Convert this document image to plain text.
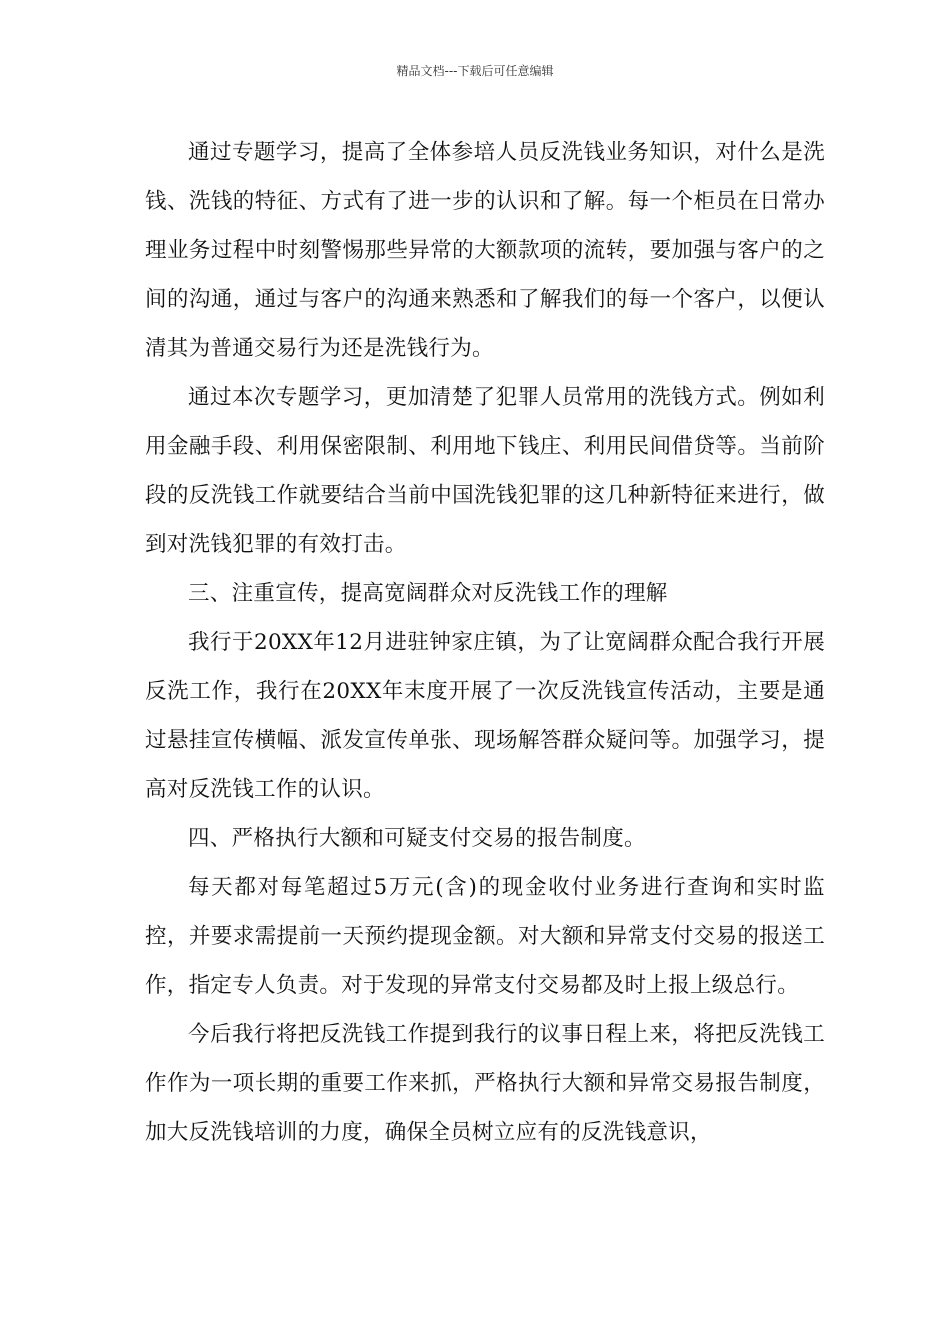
精品文档---下载后可任意编辑

通过专题学习，提高了全体参培人员反洗钱业务知识，对什么是洗钱、洗钱的特征、方式有了进一步的认识和了解。每一个柜员在日常办理业务过程中时刻警惕那些异常的大额款项的流转，要加强与客户的之间的沟通，通过与客户的沟通来熟悉和了解我们的每一个客户，以便认清其为普通交易行为还是洗钱行为。

通过本次专题学习，更加清楚了犯罪人员常用的洗钱方式。例如利用金融手段、利用保密限制、利用地下钱庄、利用民间借贷等。当前阶段的反洗钱工作就要结合当前中国洗钱犯罪的这几种新特征来进行，做到对洗钱犯罪的有效打击。

三、注重宣传，提高宽阔群众对反洗钱工作的理解

我行于20XX年12月进驻钟家庄镇，为了让宽阔群众配合我行开展反洗工作，我行在20XX年末度开展了一次反洗钱宣传活动，主要是通过悬挂宣传横幅、派发宣传单张、现场解答群众疑问等。加强学习，提高对反洗钱工作的认识。

四、严格执行大额和可疑支付交易的报告制度。

每天都对每笔超过5万元(含)的现金收付业务进行查询和实时监控，并要求需提前一天预约提现金额。对大额和异常支付交易的报送工作，指定专人负责。对于发现的异常支付交易都及时上报上级总行。

今后我行将把反洗钱工作提到我行的议事日程上来，将把反洗钱工作作为一项长期的重要工作来抓，严格执行大额和异常交易报告制度，加大反洗钱培训的力度，确保全员树立应有的反洗钱意识，
